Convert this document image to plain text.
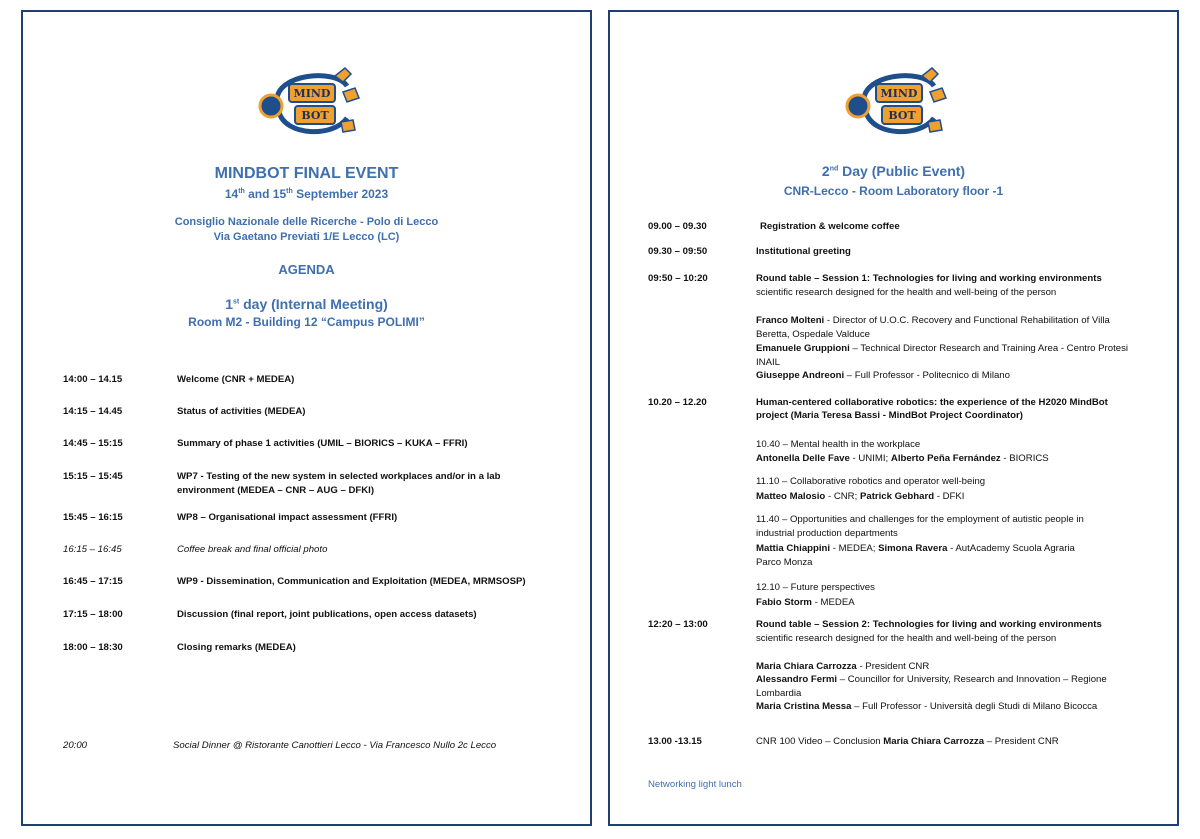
MIND
BOT
MINDBOT FINAL EVENT
14th and 15th September 2023
Consiglio Nazionale delle Ricerche - Polo di Lecco
Via Gaetano Previati 1/E Lecco (LC)
AGENDA
1st day (Internal Meeting)
Room M2 - Building 12 “Campus POLIMI”
14:00 – 14.15	Welcome (CNR + MEDEA)
14:15 – 14.45	Status of activities (MEDEA)
14:45 – 15:15	Summary of phase 1 activities (UMIL – BIORICS – KUKA – FFRI)
15:15 – 15:45	WP7 - Testing of the new system in selected workplaces and/or in a lab
environment (MEDEA – CNR – AUG – DFKI)
15:45 – 16:15	WP8 – Organisational impact assessment (FFRI)
16:15 – 16:45	Coffee break and final official photo
16:45 – 17:15	WP9 - Dissemination, Communication and Exploitation (MEDEA, MRMSOSP)
17:15 – 18:00	Discussion (final report, joint publications, open access datasets)
18:00 – 18:30	Closing remarks (MEDEA)
20:00	Social Dinner @ Ristorante Canottieri Lecco - Via Francesco Nullo 2c Lecco
MIND
BOT
2nd Day (Public Event)
CNR-Lecco - Room Laboratory floor -1
09.00 – 09.30	Registration & welcome coffee
09.30 – 09:50	Institutional greeting
09:50 – 10:20	Round table – Session 1: Technologies for living and working environments
scientific research designed for the health and well-being of the person
Franco Molteni - Director of U.O.C. Recovery and Functional Rehabilitation of Villa
Beretta, Ospedale Valduce
Emanuele Gruppioni – Technical Director Research and Training Area - Centro Protesi
INAIL
Giuseppe Andreoni – Full Professor - Politecnico di Milano
10.20 – 12.20	Human-centered collaborative robotics: the experience of the H2020 MindBot
project (Maria Teresa Bassi - MindBot Project Coordinator)
10.40 – Mental health in the workplace
Antonella Delle Fave - UNIMI; Alberto Peña Fernández - BIORICS
11.10 – Collaborative robotics and operator well-being
Matteo Malosio - CNR; Patrick Gebhard - DFKI
11.40 – Opportunities and challenges for the employment of autistic people in
industrial production departments
Mattia Chiappini - MEDEA; Simona Ravera - AutAcademy Scuola Agraria
Parco Monza
12.10 – Future perspectives
Fabio Storm - MEDEA
12:20 – 13:00	Round table – Session 2: Technologies for living and working environments
scientific research designed for the health and well-being of the person
Maria Chiara Carrozza - President CNR
Alessandro Fermi – Councillor for University, Research and Innovation – Regione
Lombardia
Maria Cristina Messa – Full Professor - Università degli Studi di Milano Bicocca
13.00 -13.15	CNR 100 Video – Conclusion Maria Chiara Carrozza – President CNR
Networking light lunch
